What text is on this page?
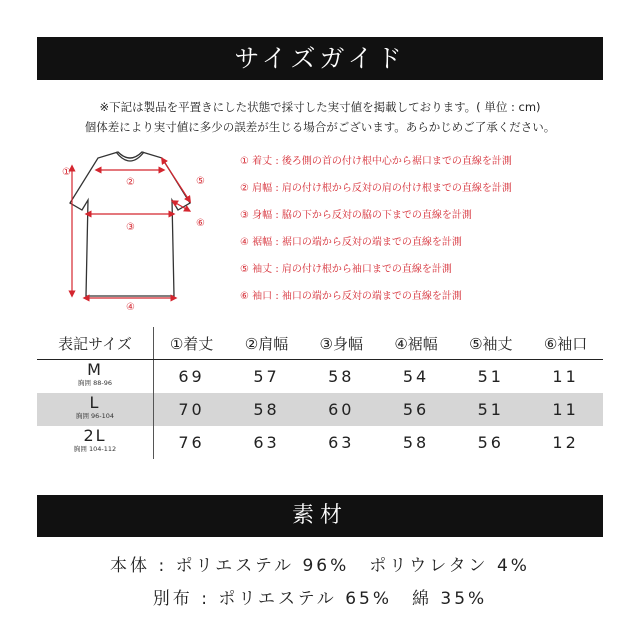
サイズガイド
※下記は製品を平置きにした状態で採寸した実寸値を掲載しております。( 単位 : cm)
個体差により実寸値に多少の誤差が生じる場合がございます。あらかじめご了承ください。
①
②
③
④
⑤
⑥
① 着丈 : 後ろ側の首の付け根中心から裾口までの直線を計測
② 肩幅 : 肩の付け根から反対の肩の付け根までの直線を計測
③ 身幅 : 脇の下から反対の脇の下までの直線を計測
④ 裾幅 : 裾口の端から反対の端までの直線を計測
⑤ 袖丈 : 肩の付け根から袖口までの直線を計測
⑥ 袖口 : 袖口の端から反対の端までの直線を計測
表記サイズ	①着丈	②肩幅	③身幅	④裾幅	⑤袖丈	⑥袖口

M
胸囲 88-96	69	57	58	54	51	11

L
胸囲 96-104	70	58	60	56	51	11

2L
胸囲 104-112	76	63	63	58	56	12
素材
本体 : ポリエステル 96%　ポリウレタン 4%
別布 : ポリエステル 65%　綿 35%
